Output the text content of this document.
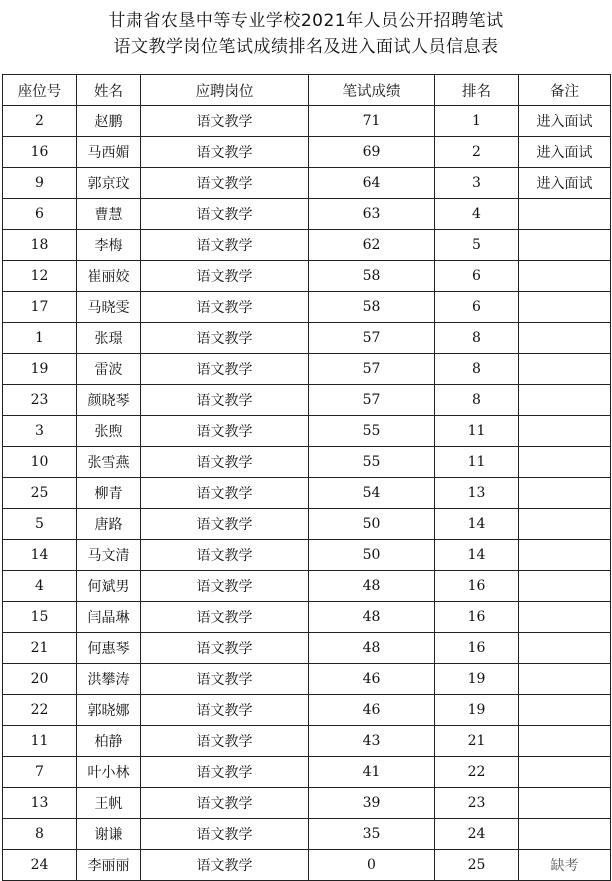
甘肃省农垦中等专业学校2021年人员公开招聘笔试
语文教学岗位笔试成绩排名及进入面试人员信息表
座位号	姓名	应聘岗位	笔试成绩	排名	备注
2	赵鹏	语文教学	71	1	进入面试
16	马西媚	语文教学	69	2	进入面试
9	郭京玟	语文教学	64	3	进入面试
6	曹慧	语文教学	63	4	
18	李梅	语文教学	62	5	
12	崔丽姣	语文教学	58	6	
17	马晓雯	语文教学	58	6	
1	张璟	语文教学	57	8	
19	雷波	语文教学	57	8	
23	颜晓琴	语文教学	57	8	
3	张煦	语文教学	55	11	
10	张雪燕	语文教学	55	11	
25	柳青	语文教学	54	13	
5	唐路	语文教学	50	14	
14	马文清	语文教学	50	14	
4	何斌男	语文教学	48	16	
15	闫晶琳	语文教学	48	16	
21	何惠琴	语文教学	48	16	
20	洪攀涛	语文教学	46	19	
22	郭晓娜	语文教学	46	19	
11	柏静	语文教学	43	21	
7	叶小林	语文教学	41	22	
13	王帆	语文教学	39	23	
8	谢谦	语文教学	35	24	
24	李丽丽	语文教学	0	25	缺考
